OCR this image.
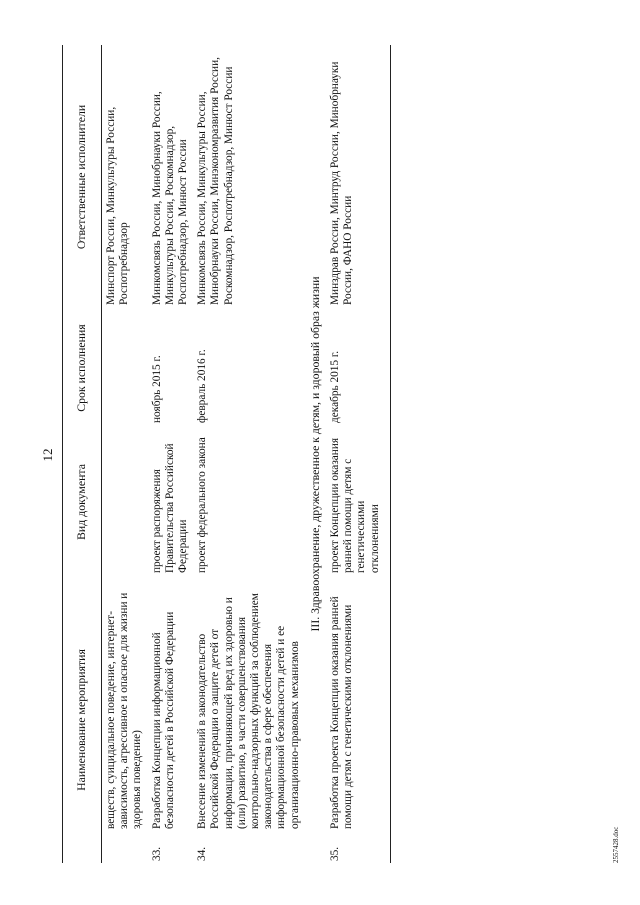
12
Наименование мероприятия		Вид документа	Срок исполнения	Ответственные исполнители
	веществ, суицидальное поведение, интернет-зависимость, агрессивное и опасное для жизни и здоровья поведение)			Минспорт России, Минкультуры России, Роспотребнадзор
33.	Разработка Концепции информационной безопасности детей в Российской Федерации	проект распоряжения Правительства Российской Федерации	ноябрь 2015 г.	Минкомсвязь России, Минобрнауки России, Минкультуры России, Роскомнадзор, Роспотребнадзор, Минюст России
34.	Внесение изменений в законодательство Российской Федерации о защите детей от информации, причиняющей вред их здоровью и (или) развитию, в части совершенствования контрольно-надзорных функций за соблюдением законодательства в сфере обеспечения информационной безопасности детей и ее организационно-правовых механизмов	проект федерального закона	февраль 2016 г.	Минкомсвязь России, Минкультуры России, Минобрнауки России, Минэкономразвития России, Роскомнадзор, Роспотребнадзор, Минюст России
III. Здравоохранение, дружественное к детям, и здоровый образ жизни				
35.	Разработка проекта Концепции оказания ранней помощи детям с генетическими отклонениями	проект Концепции оказания ранней помощи детям с генетическими отклонениями	декабрь 2015 г.	Минздрав России, Минтруд России, Минобрнауки России, ФАНО России
2557428.doc
